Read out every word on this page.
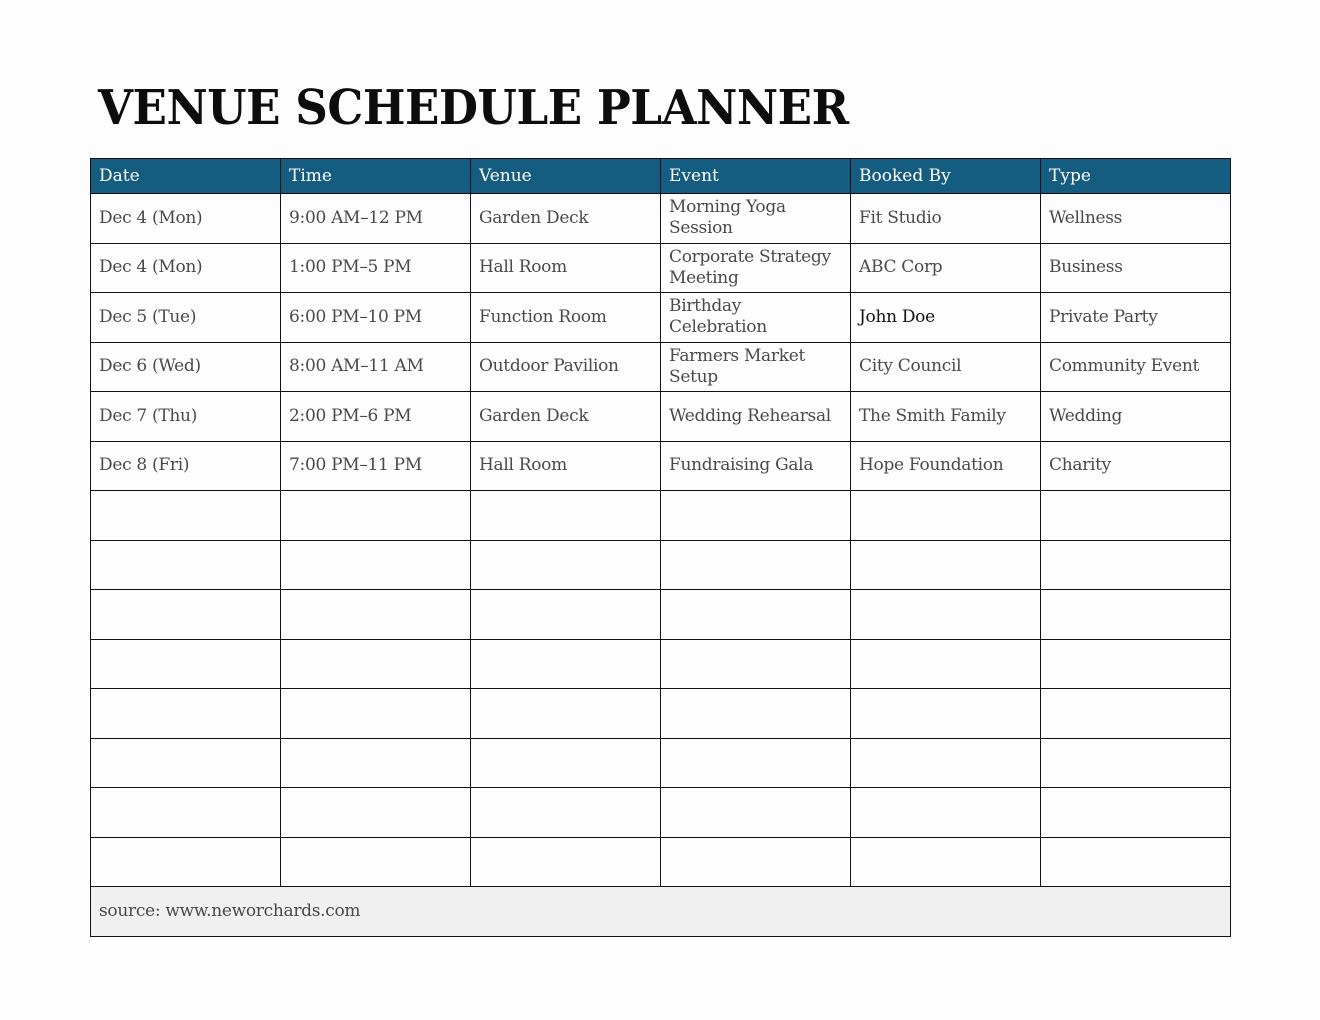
VENUE SCHEDULE PLANNER
Date	Time	Venue	Event	Booked By	Type
Dec 4 (Mon)	9:00 AM–12 PM	Garden Deck	Morning Yoga Session	Fit Studio	Wellness
Dec 4 (Mon)	1:00 PM–5 PM	Hall Room	Corporate Strategy Meeting	ABC Corp	Business
Dec 5 (Tue)	6:00 PM–10 PM	Function Room	Birthday Celebration	John Doe	Private Party
Dec 6 (Wed)	8:00 AM–11 AM	Outdoor Pavilion	Farmers Market Setup	City Council	Community Event
Dec 7 (Thu)	2:00 PM–6 PM	Garden Deck	Wedding Rehearsal	The Smith Family	Wedding
Dec 8 (Fri)	7:00 PM–11 PM	Hall Room	Fundraising Gala	Hope Foundation	Charity

source: www.neworchards.com					
